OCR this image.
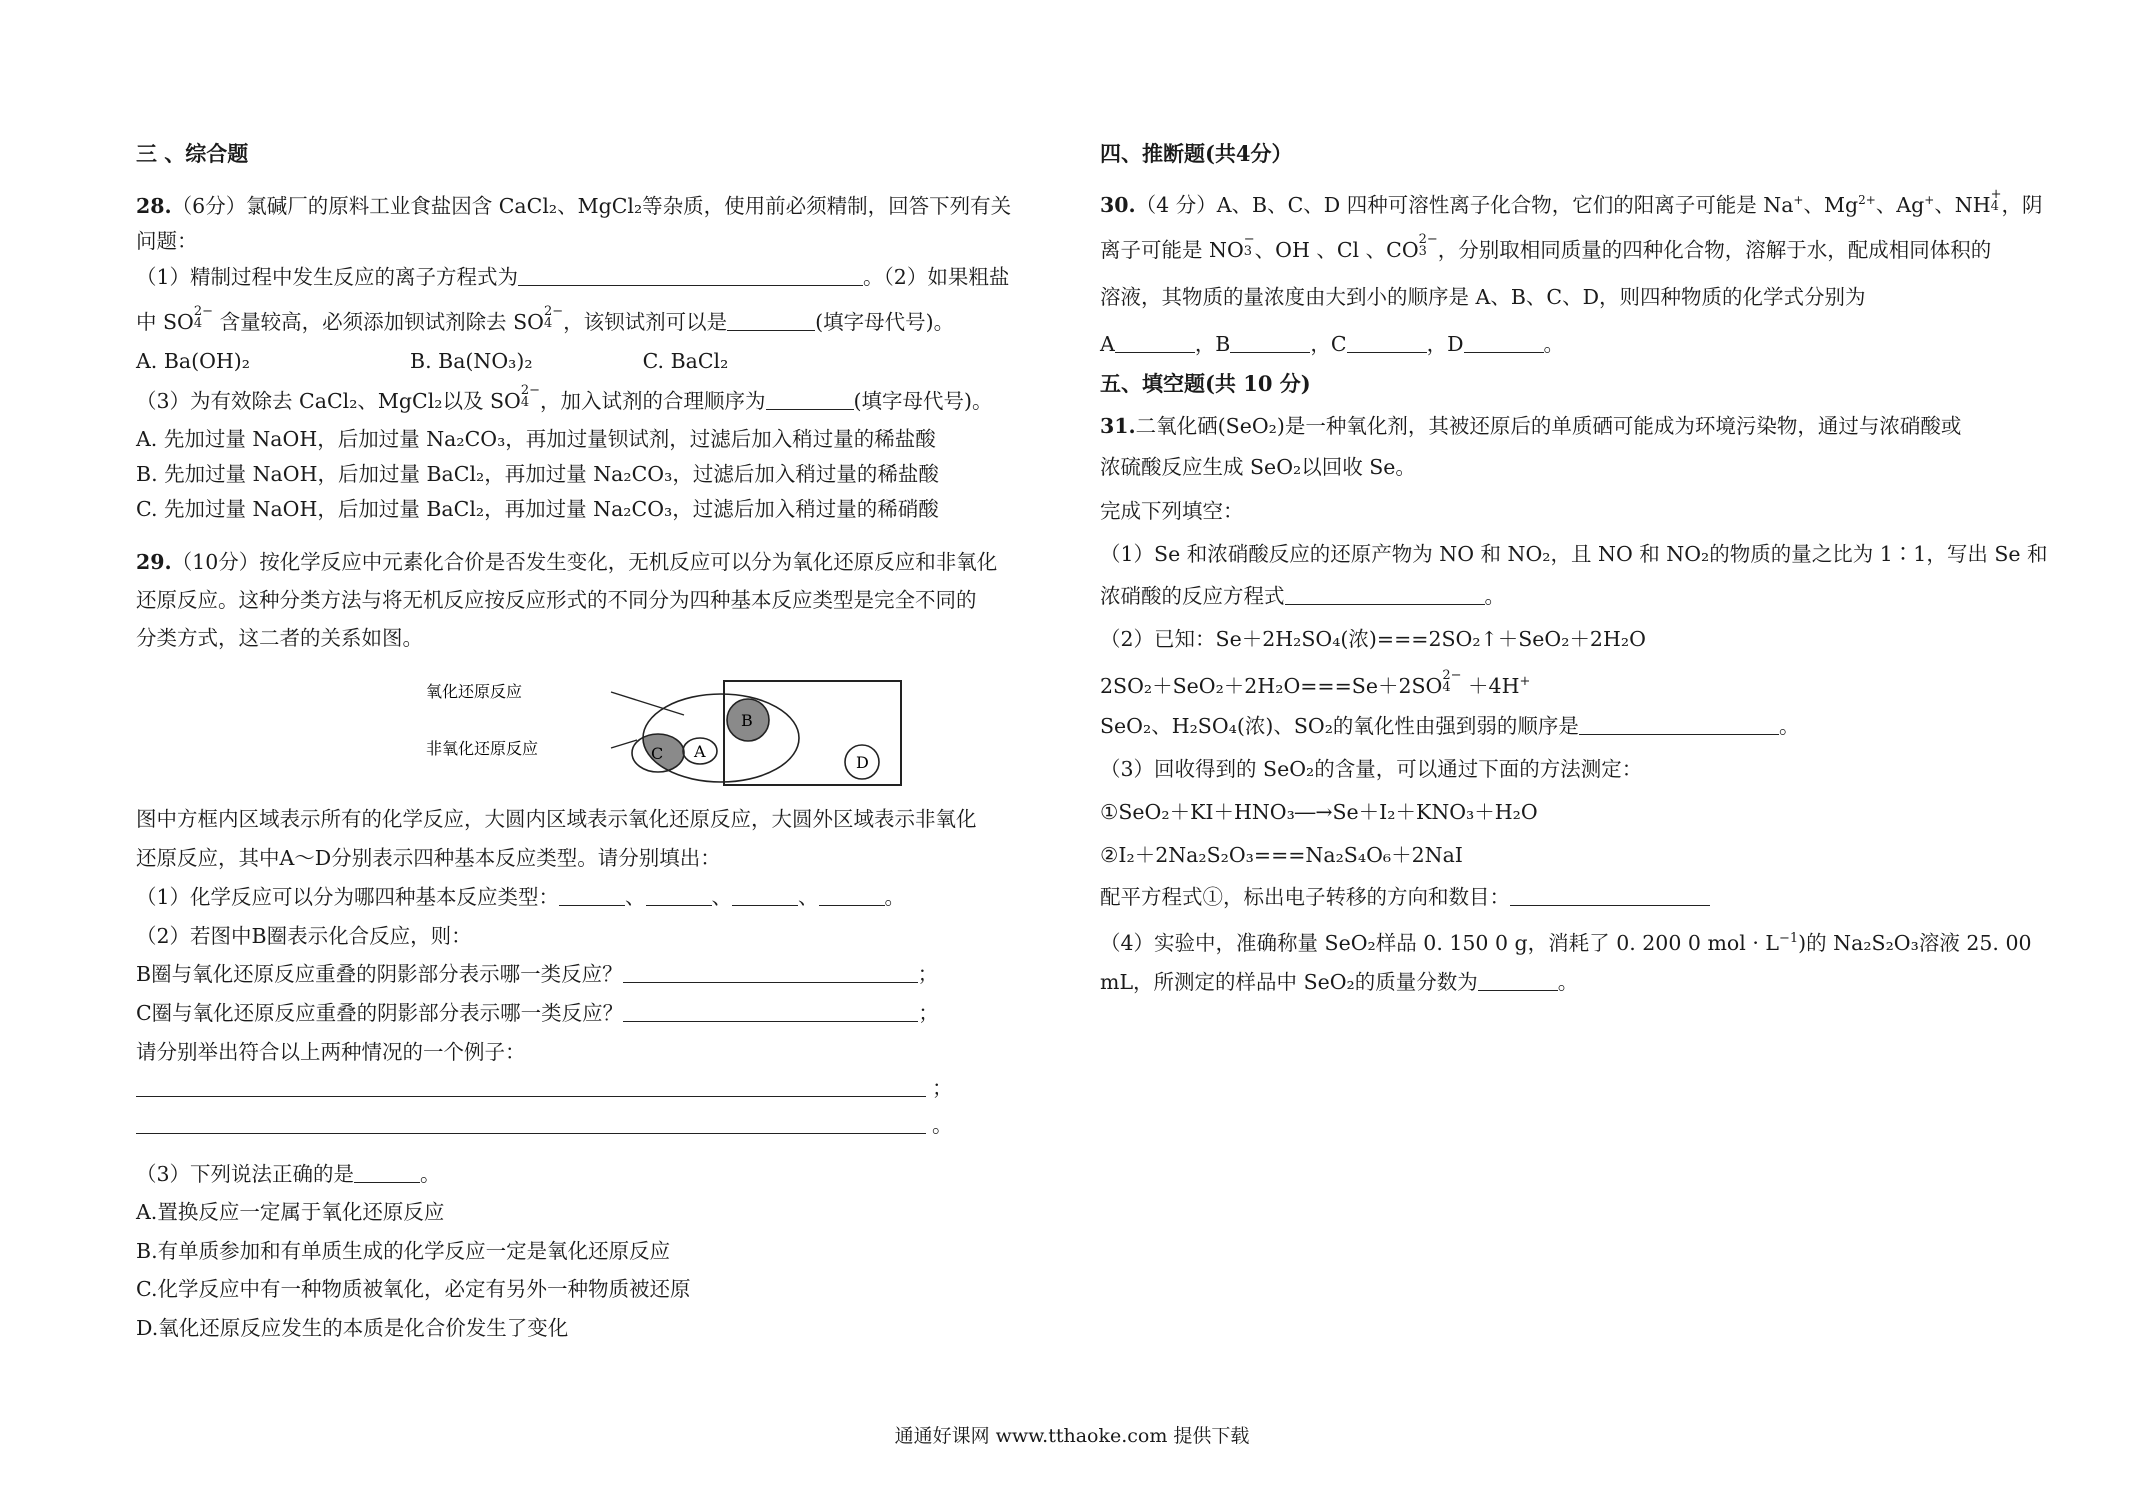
三 、综合题
28.（6分）氯碱厂的原料工业食盐因含 CaCl₂、MgCl₂等杂质，使用前必须精制，回答下列有关
问题：
（1）精制过程中发生反应的离子方程式为	。（2）如果粗盐
中 SO2−
4 含量较高，必须添加钡试剂除去 SO2−
4 ，该钡试剂可以是	(填字母代号)。
A. Ba(OH)₂	B. Ba(NO₃)₂	C. BaCl₂
（3）为有效除去 CaCl₂、MgCl₂以及 SO2−
4 ，加入试剂的合理顺序为	(填字母代号)。
A. 先加过量 NaOH，后加过量 Na₂CO₃，再加过量钡试剂，过滤后加入稍过量的稀盐酸
B. 先加过量 NaOH，后加过量 BaCl₂，再加过量 Na₂CO₃，过滤后加入稍过量的稀盐酸
C. 先加过量 NaOH，后加过量 BaCl₂，再加过量 Na₂CO₃，过滤后加入稍过量的稀硝酸
29.（10分）按化学反应中元素化合价是否发生变化，无机反应可以分为氧化还原反应和非氧化
还原反应。这种分类方法与将无机反应按反应形式的不同分为四种基本反应类型是完全不同的
分类方式，这二者的关系如图。
氧化还原反应
非氧化还原反应
B
C A
D
图中方框内区域表示所有的化学反应，大圆内区域表示氧化还原反应，大圆外区域表示非氧化
还原反应，其中A～D分别表示四种基本反应类型。请分别填出：
（1）化学反应可以分为哪四种基本反应类型：	、	、	、	。
（2）若图中B圈表示化合反应，则：
B圈与氧化还原反应重叠的阴影部分表示哪一类反应？	；
C圈与氧化还原反应重叠的阴影部分表示哪一类反应？	；
请分别举出符合以上两种情况的一个例子：
；
。
（3）下列说法正确的是	。
A.置换反应一定属于氧化还原反应
B.有单质参加和有单质生成的化学反应一定是氧化还原反应
C.化学反应中有一种物质被氧化，必定有另外一种物质被还原
D.氧化还原反应发生的本质是化合价发生了变化
四、推断题(共4分）
30.（4 分）A、B、C、D 四种可溶性离子化合物，它们的阳离子可能是 Na+、$Mg^{2+}$、Ag+、NH+
4 ，阴
离子可能是 NO−
3 、OH 、Cl 、CO2−
3 ，分别取相同质量的四种化合物，溶解于水，配成相同体积的
溶液，其物质的量浓度由大到小的顺序是 A、B、C、D，则四种物质的化学式分别为
A	，B	，C	，D	。
五、填空题(共 10 分)
31.二氧化硒(SeO₂)是一种氧化剂，其被还原后的单质硒可能成为环境污染物，通过与浓硝酸或
浓硫酸反应生成 SeO₂以回收 Se。
完成下列填空：
（1）Se 和浓硝酸反应的还原产物为 NO 和 NO₂，且 NO 和 NO₂的物质的量之比为 1∶1，写出 Se 和
浓硝酸的反应方程式	。
（2）已知：Se＋2H₂SO₄(浓)===2SO₂↑＋SeO₂＋2H₂O
2SO₂＋SeO₂＋2H₂O===Se＋2SO2−
4 ＋4H+
SeO₂、H₂SO₄(浓)、SO₂的氧化性由强到弱的顺序是	。
（3）回收得到的 SeO₂的含量，可以通过下面的方法测定：
①SeO₂＋KI＋HNO₃―→Se＋I₂＋KNO₃＋H₂O
②I₂＋2Na₂S₂O₃===Na₂S₄O₆＋2NaI
配平方程式①，标出电子转移的方向和数目：
（4）实验中，准确称量 SeO₂样品 0. 150 0 g，消耗了 0. 200 0 mol · $L^{-1}$)的 Na₂S₂O₃溶液 25. 00
mL，所测定的样品中 SeO₂的质量分数为	。
通通好课网 www.tthaoke.com 提供下载
